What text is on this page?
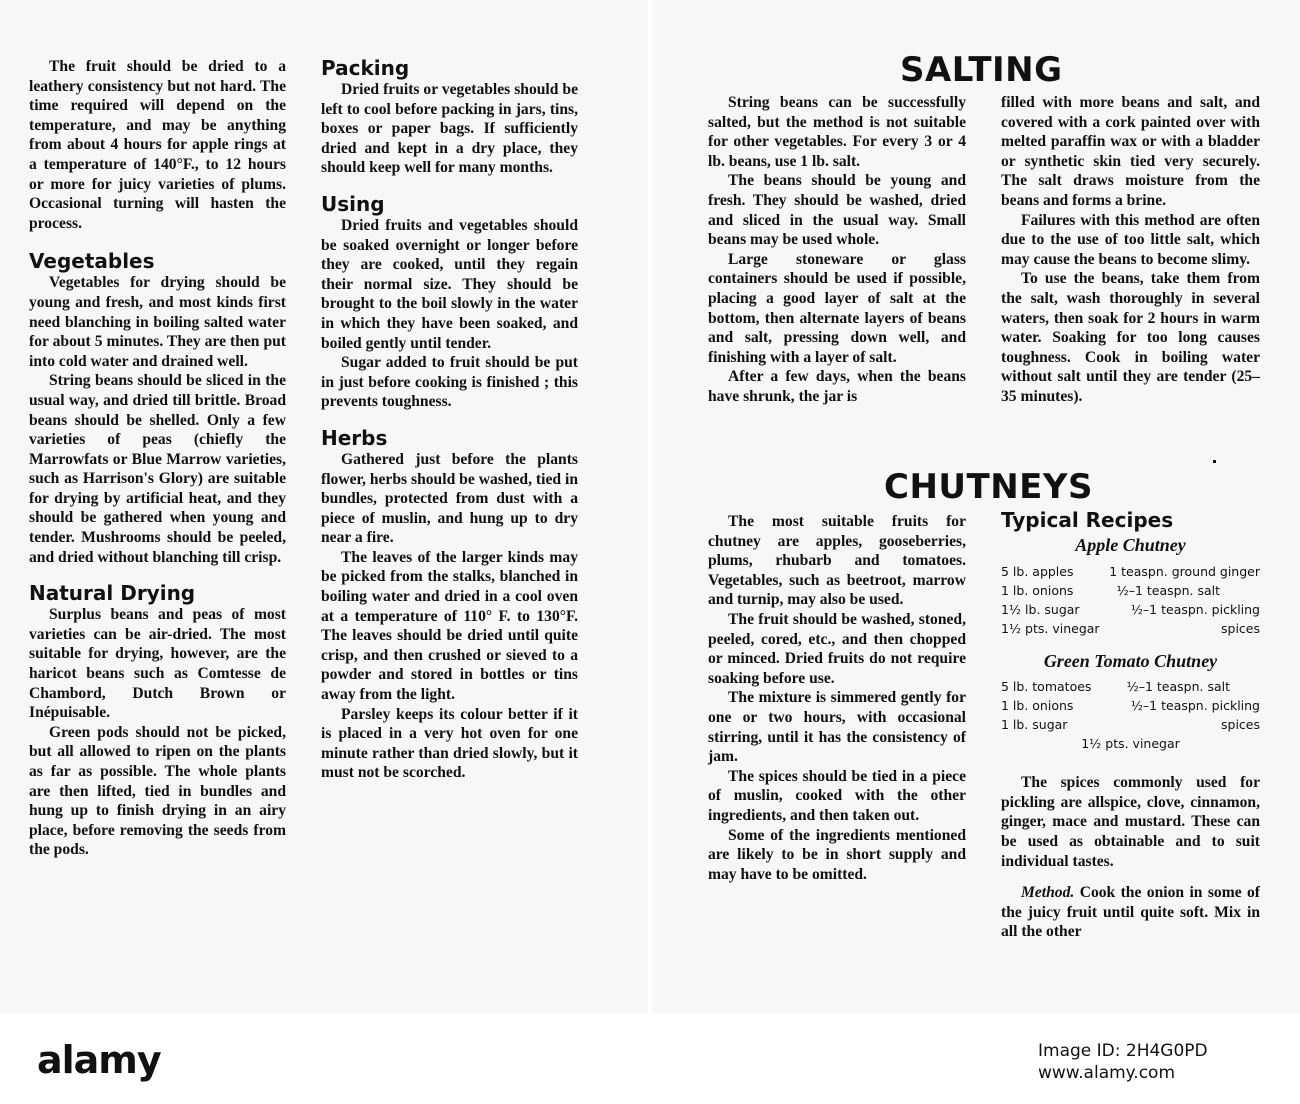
The fruit should be dried to a leathery consistency but not hard. The time required will depend on the temperature, and may be anything from about 4 hours for apple rings at a temperature of 140°F., to 12 hours or more for juicy varieties of plums. Occasional turning will hasten the process.

Vegetables

Vegetables for drying should be young and fresh, and most kinds first need blanching in boiling salted water for about 5 minutes. They are then put into cold water and drained well.

String beans should be sliced in the usual way, and dried till brittle. Broad beans should be shelled. Only a few varieties of peas (chiefly the Marrowfats or Blue Marrow varieties, such as Harrison's Glory) are suitable for drying by artificial heat, and they should be gathered when young and tender. Mushrooms should be peeled, and dried without blanching till crisp.

Natural Drying

Surplus beans and peas of most varieties can be air-dried. The most suitable for drying, however, are the haricot beans such as Comtesse de Chambord, Dutch Brown or Inépuisable.

Green pods should not be picked, but all allowed to ripen on the plants as far as possible. The whole plants are then lifted, tied in bundles and hung up to finish drying in an airy place, before removing the seeds from the pods.

Packing

Dried fruits or vegetables should be left to cool before packing in jars, tins, boxes or paper bags. If sufficiently dried and kept in a dry place, they should keep well for many months.

Using

Dried fruits and vegetables should be soaked overnight or longer before they are cooked, until they regain their normal size. They should be brought to the boil slowly in the water in which they have been soaked, and boiled gently until tender.

Sugar added to fruit should be put in just before cooking is finished ; this prevents toughness.

Herbs

Gathered just before the plants flower, herbs should be washed, tied in bundles, protected from dust with a piece of muslin, and hung up to dry near a fire.

The leaves of the larger kinds may be picked from the stalks, blanched in boiling water and dried in a cool oven at a temperature of 110° F. to 130°F. The leaves should be dried until quite crisp, and then crushed or sieved to a powder and stored in bottles or tins away from the light.

Parsley keeps its colour better if it is placed in a very hot oven for one minute rather than dried slowly, but it must not be scorched.

SALTING

String beans can be successfully salted, but the method is not suitable for other vegetables. For every 3 or 4 lb. beans, use 1 lb. salt.

The beans should be young and fresh. They should be washed, dried and sliced in the usual way. Small beans may be used whole.

Large stoneware or glass containers should be used if possible, placing a good layer of salt at the bottom, then alternate layers of beans and salt, pressing down well, and finishing with a layer of salt.

After a few days, when the beans have shrunk, the jar is

filled with more beans and salt, and covered with a cork painted over with melted paraffin wax or with a bladder or synthetic skin tied very securely. The salt draws moisture from the beans and forms a brine.

Failures with this method are often due to the use of too little salt, which may cause the beans to become slimy.

To use the beans, take them from the salt, wash thoroughly in several waters, then soak for 2 hours in warm water. Soaking for too long causes toughness. Cook in boiling water without salt until they are tender (25–35 minutes).

CHUTNEYS

The most suitable fruits for chutney are apples, gooseberries, plums, rhubarb and tomatoes. Vegetables, such as beetroot, marrow and turnip, may also be used.

The fruit should be washed, stoned, peeled, cored, etc., and then chopped or minced. Dried fruits do not require soaking before use.

The mixture is simmered gently for one or two hours, with occasional stirring, until it has the consistency of jam.

The spices should be tied in a piece of muslin, cooked with the other ingredients, and then taken out.

Some of the ingredients mentioned are likely to be in short supply and may have to be omitted.

Typical Recipes
Apple Chutney
5 lb. apples	1 teaspn. ground ginger
1 lb. onions	½–1 teaspn. salt
1½ lb. sugar	½–1 teaspn. pickling
1½ pts. vinegar	spices
Green Tomato Chutney
5 lb. tomatoes	½–1 teaspn. salt
1 lb. onions	½–1 teaspn. pickling
1 lb. sugar	spices
1½ pts. vinegar

The spices commonly used for pickling are allspice, clove, cinnamon, ginger, mace and mustard. These can be used as obtainable and to suit individual tastes.

Method. Cook the onion in some of the juicy fruit until quite soft. Mix in all the other

alamy	Image ID: 2H4G0PD
www.alamy.com
